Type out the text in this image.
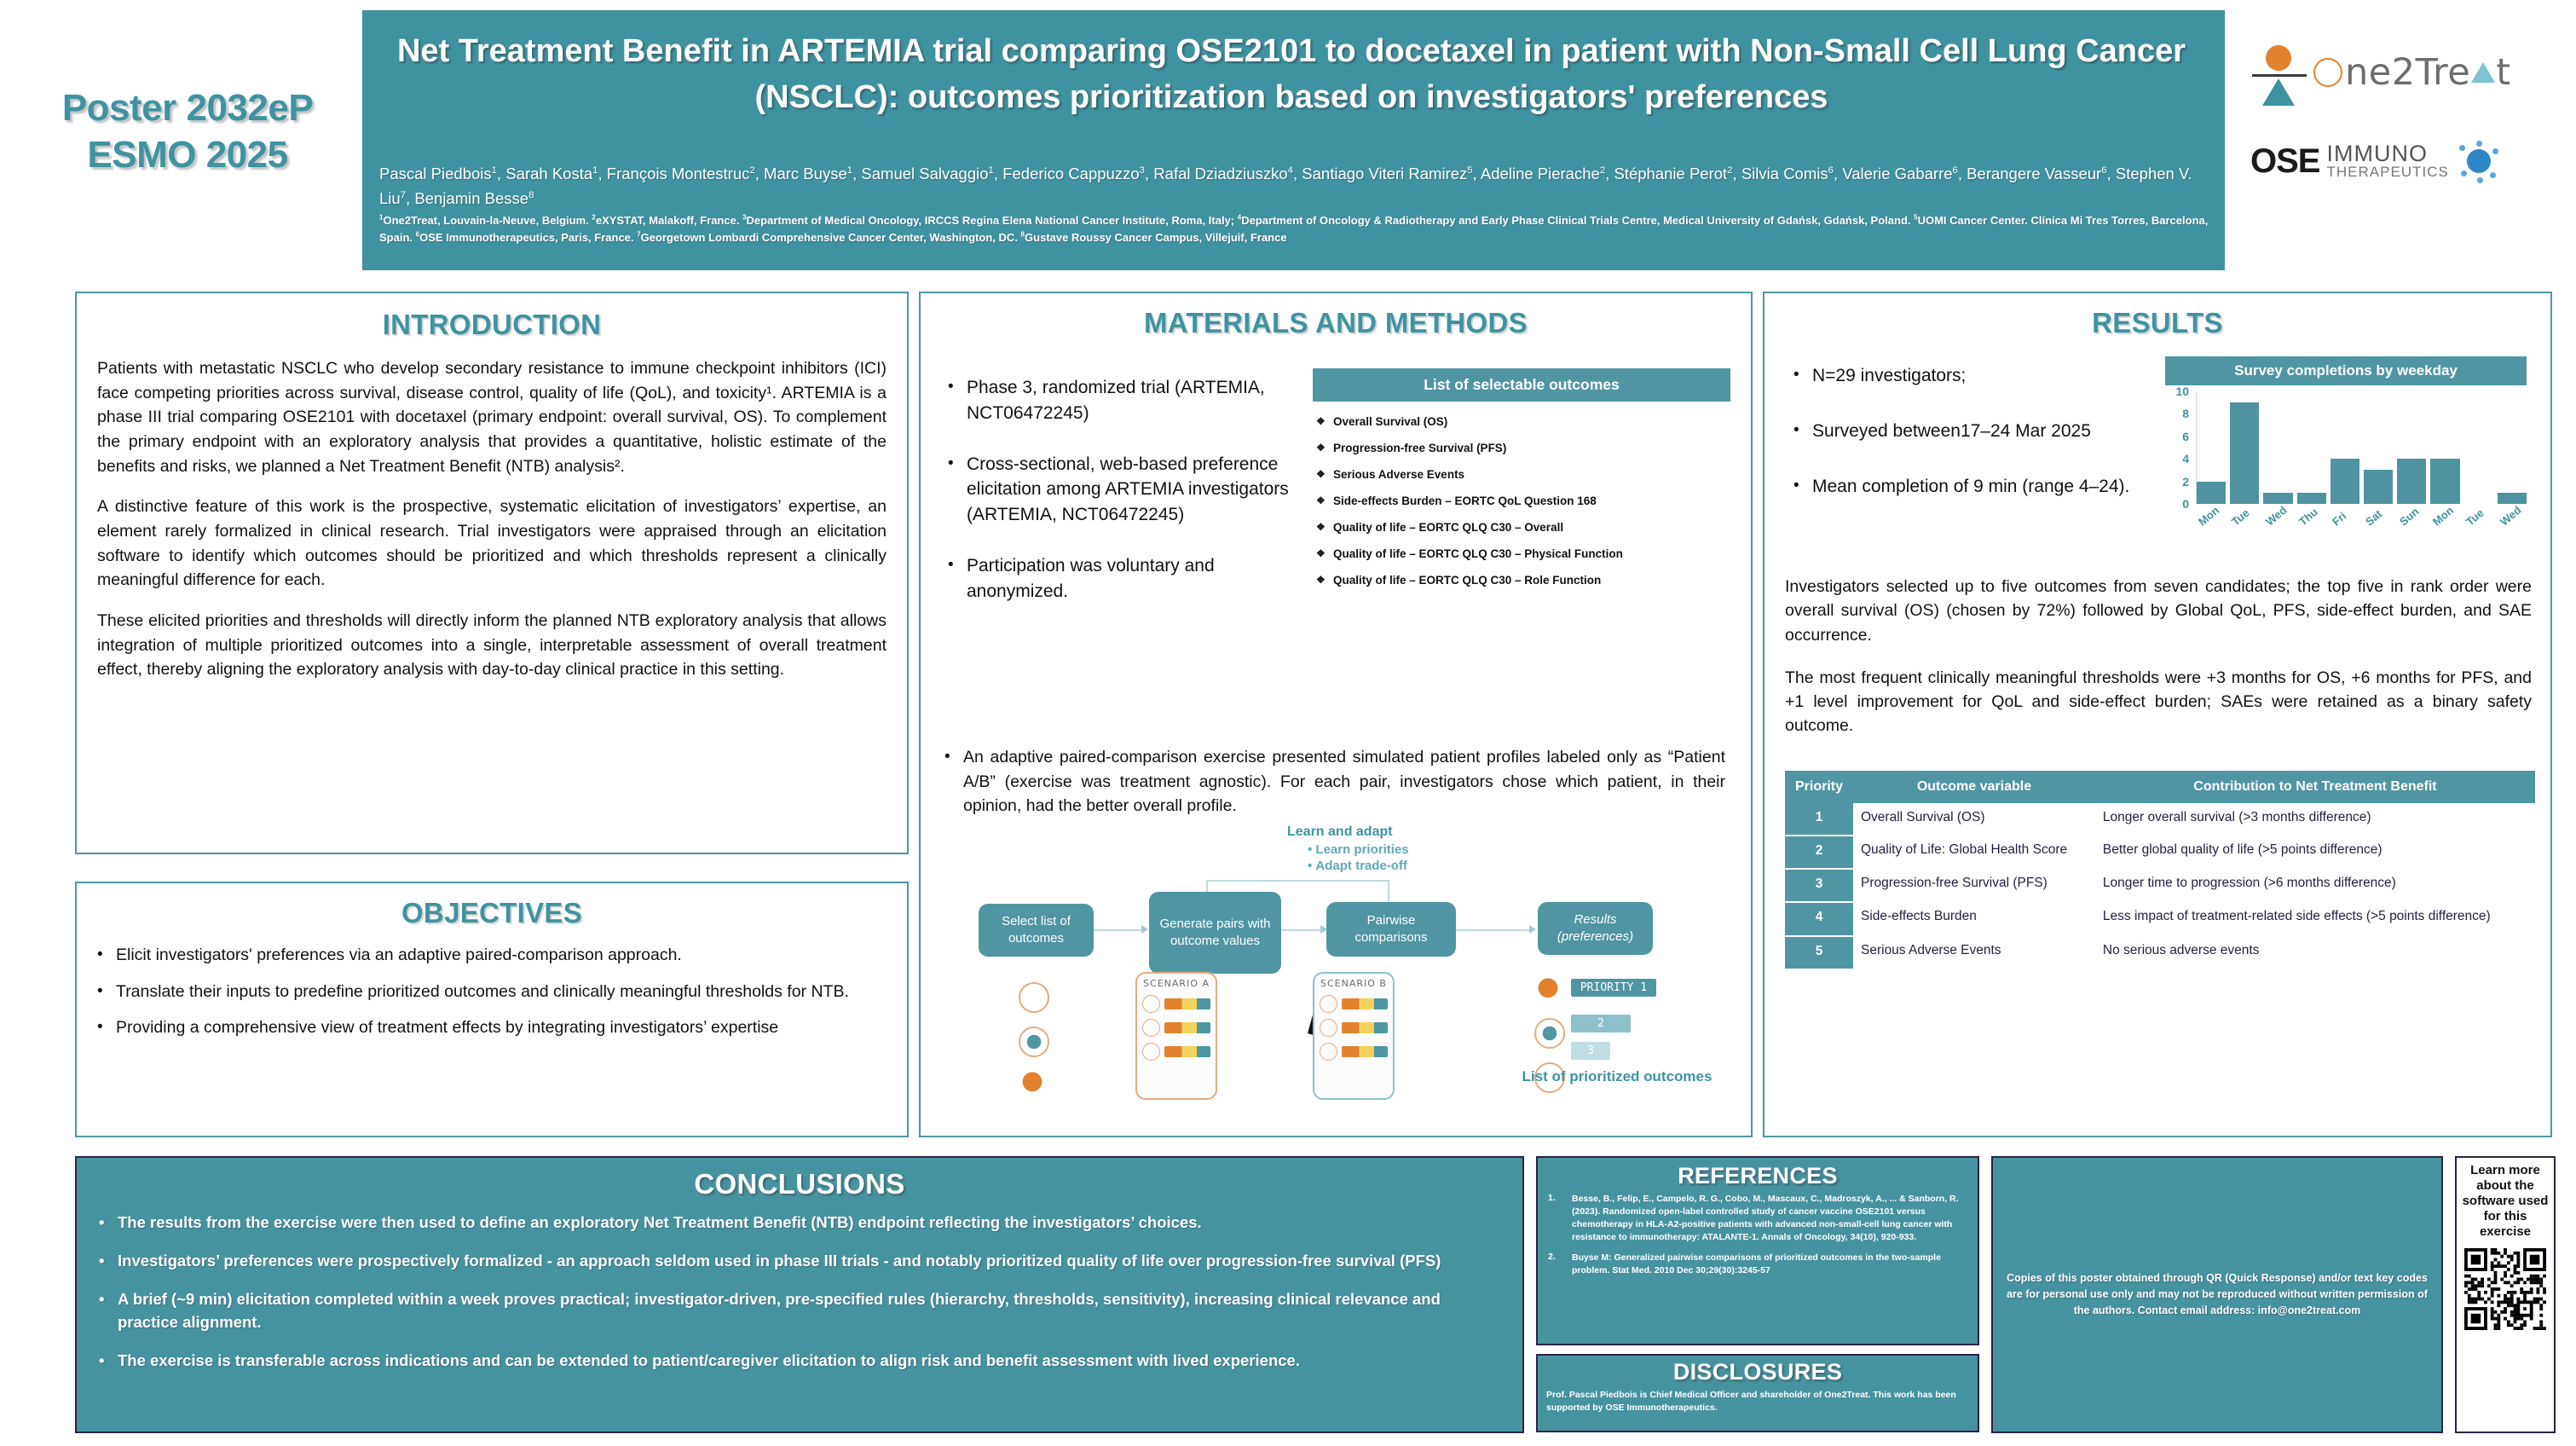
Poster 2032eP
ESMO 2025
Net Treatment Benefit in ARTEMIA trial comparing OSE2101 to docetaxel in patient with Non-Small Cell Lung Cancer (NSCLC): outcomes prioritization based on investigators' preferences
Pascal Piedbois$^1$, Sarah Kosta$^1$, François Montestruc$^2$, Marc Buyse$^1$, Samuel Salvaggio$^1$, Federico Cappuzzo$^3$, Rafal Dziadziuszko$^4$, Santiago Viteri Ramirez$^5$, Adeline Pierache$^2$, Stéphanie Perot$^2$, Silvia Comis$^6$, Valerie Gabarre$^6$, Berangere Vasseur$^6$, Stephen V. Liu$^7$, Benjamin Besse$^8$
$^1$One2Treat, Louvain-la-Neuve, Belgium. $^2$eXYSTAT, Malakoff, France. $^3$Department of Medical Oncology, IRCCS Regina Elena National Cancer Institute, Roma, Italy; $^4$Department of Oncology & Radiotherapy and Early Phase Clinical Trials Centre, Medical University of Gdańsk, Gdańsk, Poland. $^5$UOMI Cancer Center. Clínica Mi Tres Torres, Barcelona, Spain. $^6$OSE Immunotherapeutics, Paris, France. $^7$Georgetown Lombardi Comprehensive Cancer Center, Washington, DC. $^8$Gustave Roussy Cancer Campus, Villejuif, France
ne2Tre t
OSE IMMUNO
THERAPEUTICS
INTRODUCTION

Patients with metastatic NSCLC who develop secondary resistance to immune checkpoint inhibitors (ICI) face competing priorities across survival, disease control, quality of life (QoL), and toxicity¹. ARTEMIA is a phase III trial comparing OSE2101 with docetaxel (primary endpoint: overall survival, OS). To complement the primary endpoint with an exploratory analysis that provides a quantitative, holistic estimate of the benefits and risks, we planned a Net Treatment Benefit (NTB) analysis².

A distinctive feature of this work is the prospective, systematic elicitation of investigators’ expertise, an element rarely formalized in clinical research. Trial investigators were appraised through an elicitation software to identify which outcomes should be prioritized and which thresholds represent a clinically meaningful difference for each.

These elicited priorities and thresholds will directly inform the planned NTB exploratory analysis that allows integration of multiple prioritized outcomes into a single, interpretable assessment of overall treatment effect, thereby aligning the exploratory analysis with day-to-day clinical practice in this setting.

OBJECTIVES
• Elicit investigators' preferences via an adaptive paired-comparison approach.
• Translate their inputs to predefine prioritized outcomes and clinically meaningful thresholds for NTB.
• Providing a comprehensive view of treatment effects by integrating investigators’ expertise
MATERIALS AND METHODS
• Phase 3, randomized trial (ARTEMIA, NCT06472245)
• Cross-sectional, web-based preference elicitation among ARTEMIA investigators (ARTEMIA, NCT06472245)
• Participation was voluntary and anonymized.
List of selectable outcomes
❖ Overall Survival (OS)
❖ Progression-free Survival (PFS)
❖ Serious Adverse Events
❖ Side-effects Burden – EORTC QoL Question 168
❖ Quality of life – EORTC QLQ C30 – Overall
❖ Quality of life – EORTC QLQ C30 – Physical Function
❖ Quality of life – EORTC QLQ C30 – Role Function
• An adaptive paired-comparison exercise presented simulated patient profiles labeled only as “Patient A/B” (exercise was treatment agnostic). For each pair, investigators chose which patient, in their opinion, had the better overall profile.
Learn and adapt
• Learn priorities
• Adapt trade-off
Select list of outcomes
Generate pairs with outcome values
Pairwise comparisons
Results (preferences)
SCENARIO A	SCENARIO B	PRIORITY 1
2
3
List of prioritized outcomes
RESULTS
• N=29 investigators;
• Surveyed between17–24 Mar 2025
• Mean completion of 9 min (range 4–24).
Survey completions by weekday
0
2
4
6
8
10
Mon Tue Wed Thu Fri	Sat	Sun Mon Tue Wed

Investigators selected up to five outcomes from seven candidates; the top five in rank order were overall survival (OS) (chosen by 72%) followed by Global QoL, PFS, side-effect burden, and SAE occurrence.

The most frequent clinically meaningful thresholds were +3 months for OS, +6 months for PFS, and +1 level improvement for QoL and side-effect burden; SAEs were retained as a binary safety outcome.

Priority	Outcome variable	Contribution to Net Treatment Benefit
1	Overall Survival (OS)	Longer overall survival (>3 months difference)
2	Quality of Life: Global Health Score	Better global quality of life (>5 points difference)
3	Progression-free Survival (PFS)	Longer time to progression (>6 months difference)
4	Side-effects Burden	Less impact of treatment-related side effects (>5 points difference)
5	Serious Adverse Events	No serious adverse events
CONCLUSIONS
• The results from the exercise were then used to define an exploratory Net Treatment Benefit (NTB) endpoint reflecting the investigators’ choices.
• Investigators’ preferences were prospectively formalized - an approach seldom used in phase III trials - and notably prioritized quality of life over progression-free survival (PFS)
• A brief (~9 min) elicitation completed within a week proves practical; investigator-driven, pre-specified rules (hierarchy, thresholds, sensitivity), increasing clinical relevance and practice alignment.
• The exercise is transferable across indications and can be extended to patient/caregiver elicitation to align risk and benefit assessment with lived experience.
REFERENCES
1.	Besse, B., Felip, E., Campelo, R. G., Cobo, M., Mascaux, C., Madroszyk, A., ... & Sanborn, R. (2023). Randomized open-label controlled study of cancer vaccine OSE2101 versus chemotherapy in HLA-A2-positive patients with advanced non-small-cell lung cancer with resistance to immunotherapy: ATALANTE-1. Annals of Oncology, 34(10), 920-933.
2.	Buyse M: Generalized pairwise comparisons of prioritized outcomes in the two-sample problem. Stat Med. 2010 Dec 30;29(30):3245-57
DISCLOSURES
Prof. Pascal Piedbois is Chief Medical Officer and shareholder of One2Treat. This work has been supported by OSE Immunotherapeutics.
Copies of this poster obtained through QR (Quick Response) and/or text key codes are for personal use only and may not be reproduced without written permission of the authors. Contact email address: info@one2treat.com
Learn more about the software used for this exercise
